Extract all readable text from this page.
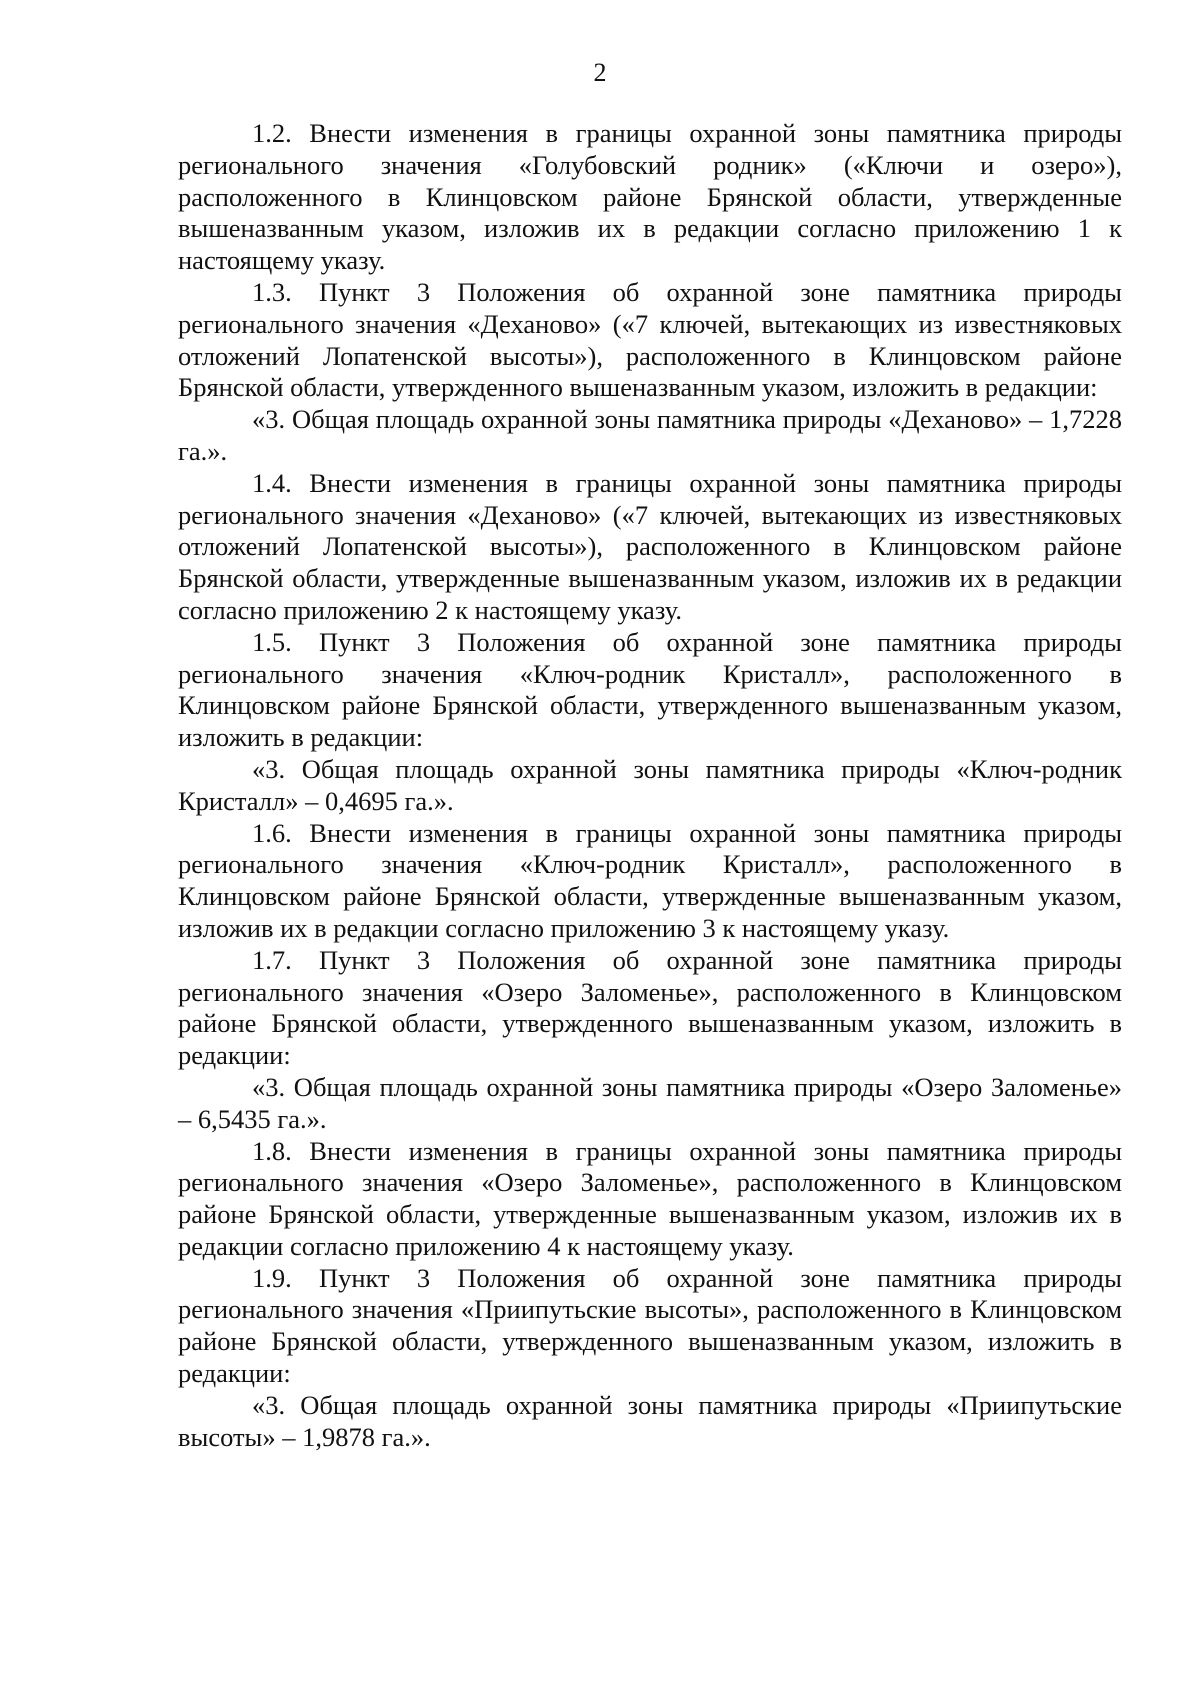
2

1.2. Внести изменения в границы охранной зоны памятника природы регионального значения «Голубовский родник» («Ключи и озеро»), расположенного в Клинцовском районе Брянской области, утвержденные вышеназванным указом, изложив их в редакции согласно приложению 1 к настоящему указу.

1.3. Пункт 3 Положения об охранной зоне памятника природы регионального значения «Деханово» («7 ключей, вытекающих из известняковых отложений Лопатенской высоты»), расположенного в Клинцовском районе Брянской области, утвержденного вышеназванным указом, изложить в редакции:

«3. Общая площадь охранной зоны памятника природы «Деханово» – 1,7228 га.».

1.4. Внести изменения в границы охранной зоны памятника природы регионального значения «Деханово» («7 ключей, вытекающих из известняковых отложений Лопатенской высоты»), расположенного в Клинцовском районе Брянской области, утвержденные вышеназванным указом, изложив их в редакции согласно приложению 2 к настоящему указу.

1.5. Пункт 3 Положения об охранной зоне памятника природы регионального значения «Ключ-родник Кристалл», расположенного в Клинцовском районе Брянской области, утвержденного вышеназванным указом, изложить в редакции:

«3. Общая площадь охранной зоны памятника природы «Ключ-родник Кристалл» – 0,4695 га.».

1.6. Внести изменения в границы охранной зоны памятника природы регионального значения «Ключ-родник Кристалл», расположенного в Клинцовском районе Брянской области, утвержденные вышеназванным указом, изложив их в редакции согласно приложению 3 к настоящему указу.

1.7. Пункт 3 Положения об охранной зоне памятника природы регионального значения «Озеро Заломенье», расположенного в Клинцовском районе Брянской области, утвержденного вышеназванным указом, изложить в редакции:

«3. Общая площадь охранной зоны памятника природы «Озеро Заломенье» – 6,5435 га.».

1.8. Внести изменения в границы охранной зоны памятника природы регионального значения «Озеро Заломенье», расположенного в Клинцовском районе Брянской области, утвержденные вышеназванным указом, изложив их в редакции согласно приложению 4 к настоящему указу.

1.9. Пункт 3 Положения об охранной зоне памятника природы регионального значения «Приипутьские высоты», расположенного в Клинцовском районе Брянской области, утвержденного вышеназванным указом, изложить в редакции:

«3. Общая площадь охранной зоны памятника природы «Приипутьские высоты» – 1,9878 га.».
